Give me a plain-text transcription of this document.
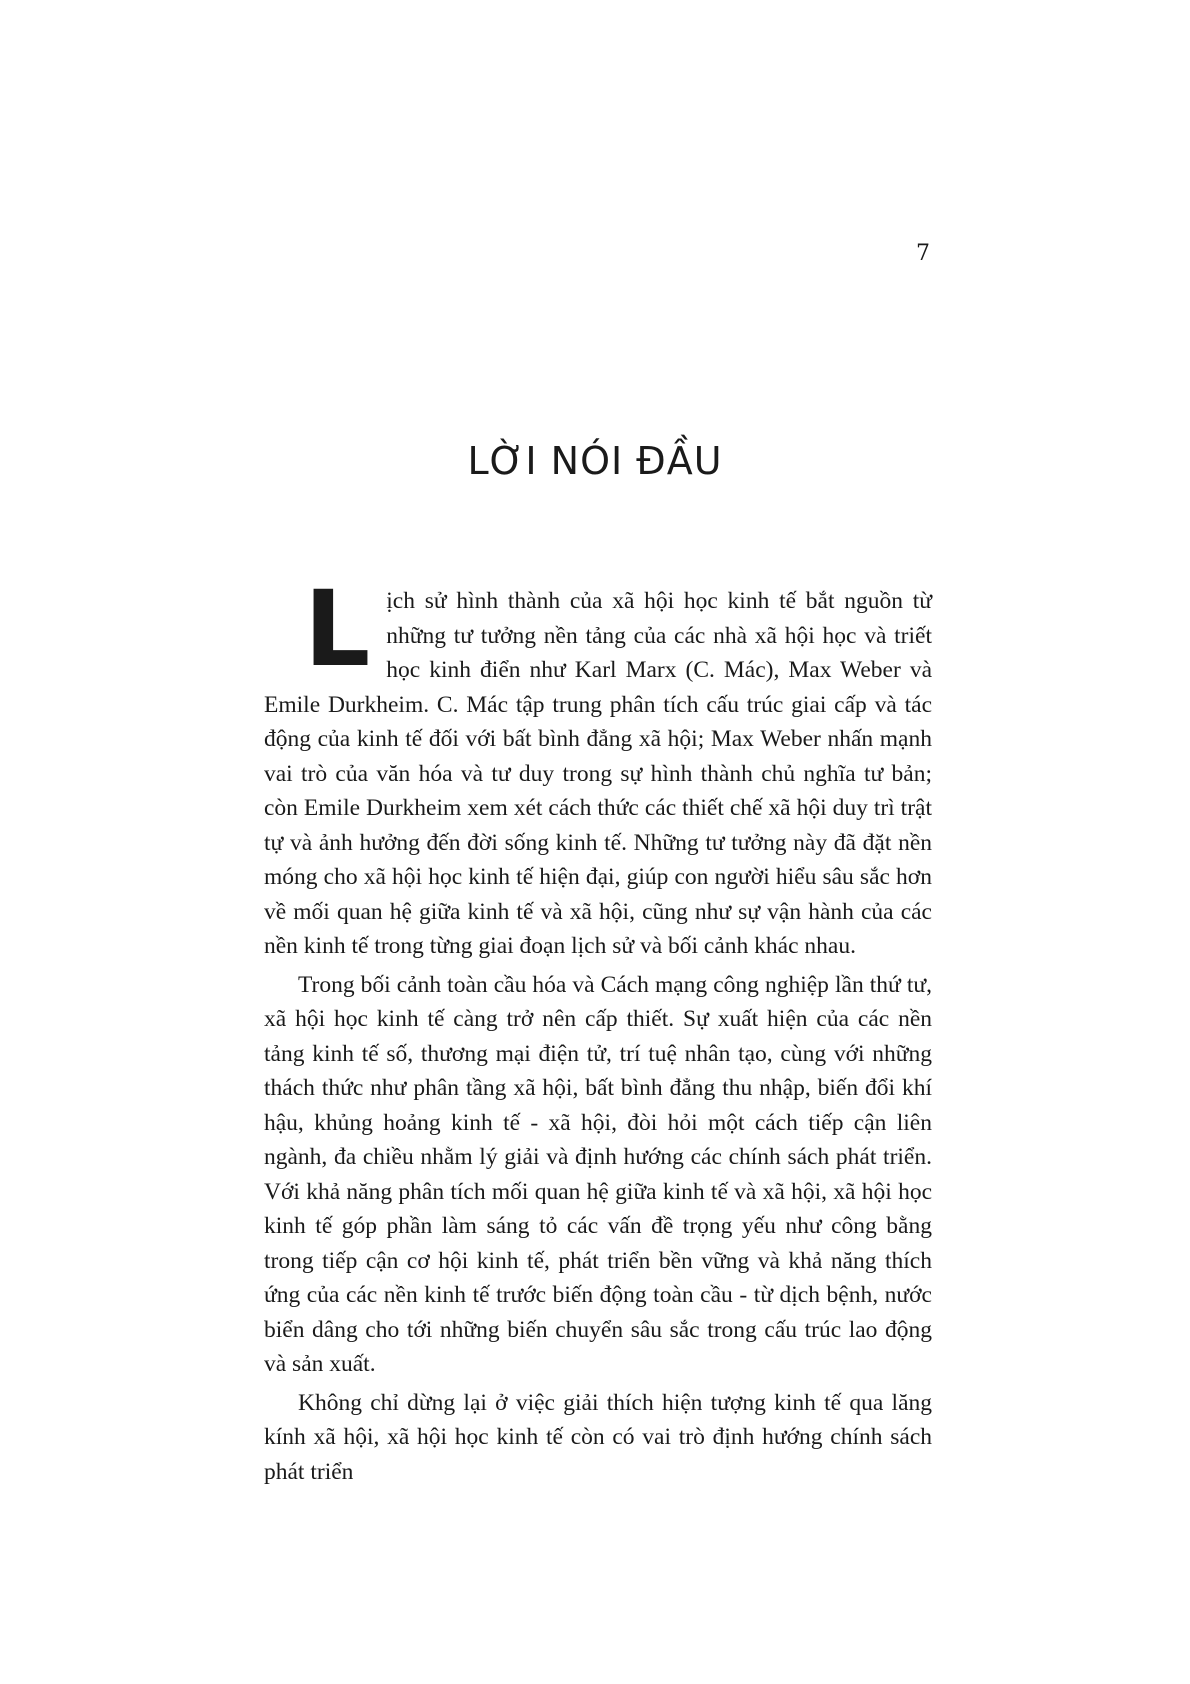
7
LỜI NÓI ĐẦU

Lịch sử hình thành của xã hội học kinh tế bắt nguồn từ những tư tưởng nền tảng của các nhà xã hội học và triết học kinh điển như Karl Marx (C. Mác), Max Weber và Emile Durkheim. C. Mác tập trung phân tích cấu trúc giai cấp và tác động của kinh tế đối với bất bình đẳng xã hội; Max Weber nhấn mạnh vai trò của văn hóa và tư duy trong sự hình thành chủ nghĩa tư bản; còn Emile Durkheim xem xét cách thức các thiết chế xã hội duy trì trật tự và ảnh hưởng đến đời sống kinh tế. Những tư tưởng này đã đặt nền móng cho xã hội học kinh tế hiện đại, giúp con người hiểu sâu sắc hơn về mối quan hệ giữa kinh tế và xã hội, cũng như sự vận hành của các nền kinh tế trong từng giai đoạn lịch sử và bối cảnh khác nhau.

Trong bối cảnh toàn cầu hóa và Cách mạng công nghiệp lần thứ tư, xã hội học kinh tế càng trở nên cấp thiết. Sự xuất hiện của các nền tảng kinh tế số, thương mại điện tử, trí tuệ nhân tạo, cùng với những thách thức như phân tầng xã hội, bất bình đẳng thu nhập, biến đổi khí hậu, khủng hoảng kinh tế - xã hội, đòi hỏi một cách tiếp cận liên ngành, đa chiều nhằm lý giải và định hướng các chính sách phát triển. Với khả năng phân tích mối quan hệ giữa kinh tế và xã hội, xã hội học kinh tế góp phần làm sáng tỏ các vấn đề trọng yếu như công bằng trong tiếp cận cơ hội kinh tế, phát triển bền vững và khả năng thích ứng của các nền kinh tế trước biến động toàn cầu - từ dịch bệnh, nước biển dâng cho tới những biến chuyển sâu sắc trong cấu trúc lao động và sản xuất.

Không chỉ dừng lại ở việc giải thích hiện tượng kinh tế qua lăng kính xã hội, xã hội học kinh tế còn có vai trò định hướng chính sách phát triển
